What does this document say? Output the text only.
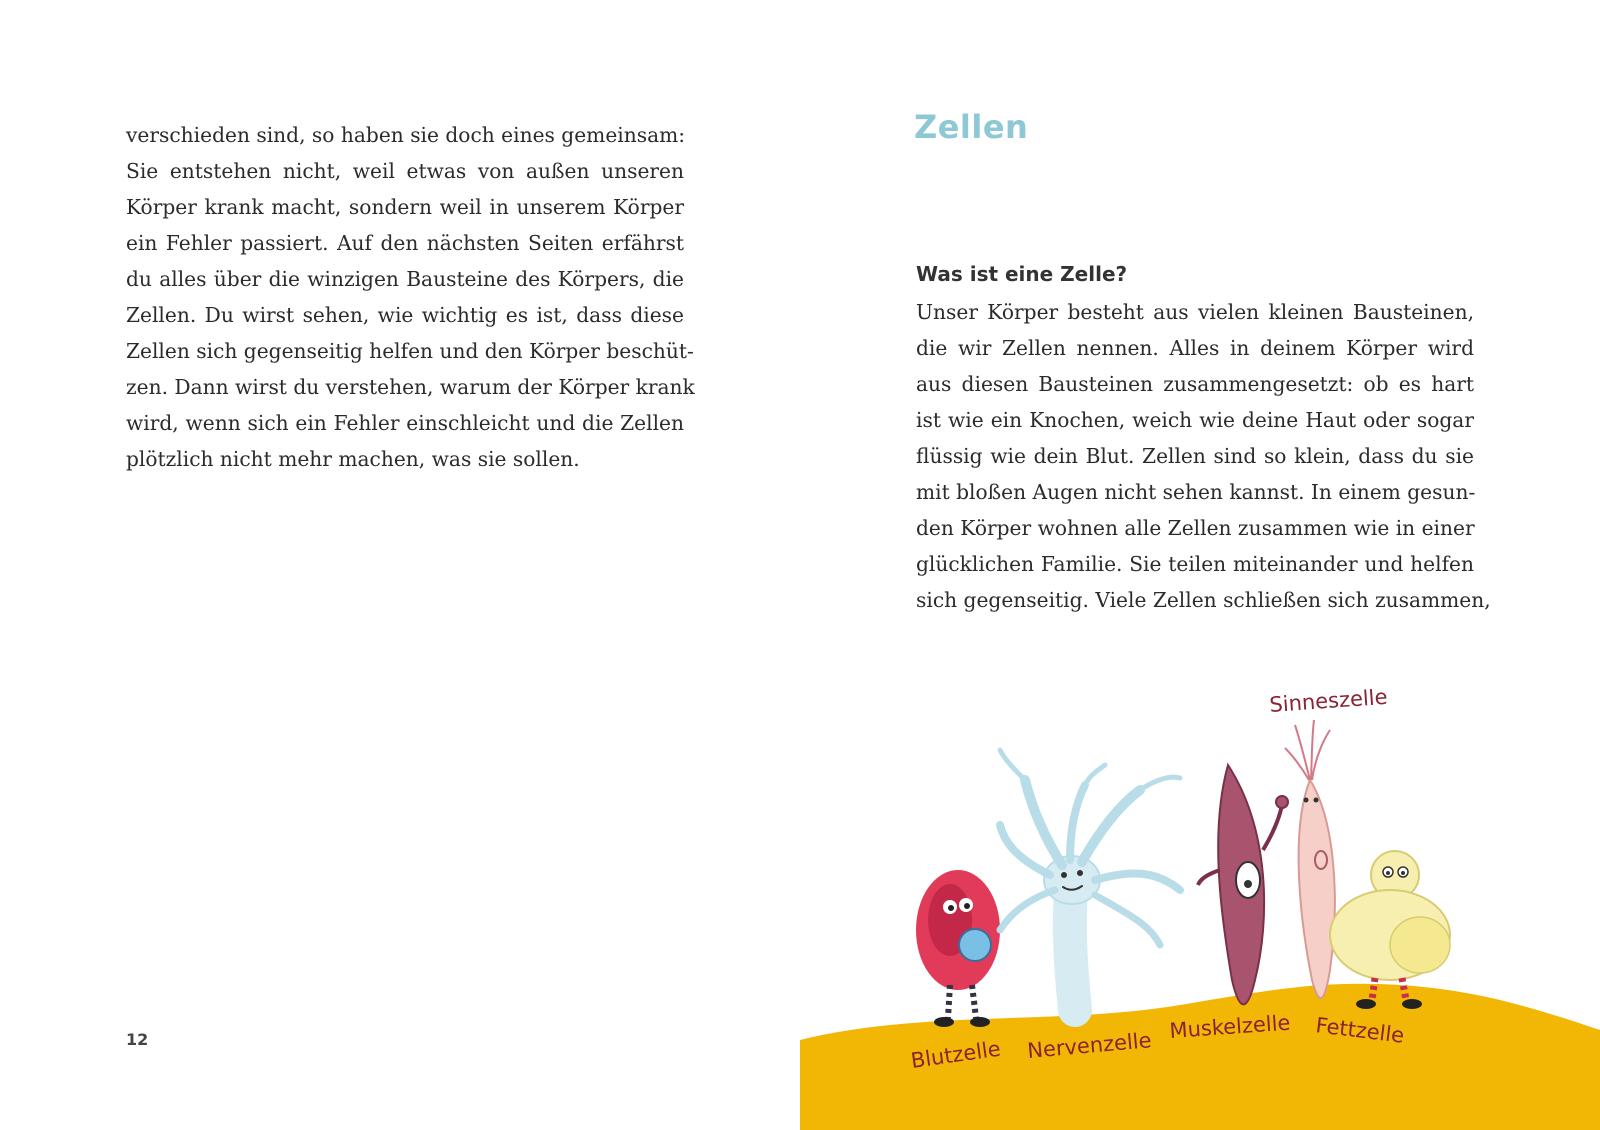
verschieden sind, so haben sie doch eines gemeinsam:
Sie entstehen nicht, weil etwas von außen unseren
Körper krank macht, sondern weil in unserem Körper
ein Fehler passiert. Auf den nächsten Seiten erfährst
du alles über die winzigen Bausteine des Körpers, die
Zellen. Du wirst sehen, wie wichtig es ist, dass diese
Zellen sich gegenseitig helfen und den Körper beschüt-
zen. Dann wirst du verstehen, warum der Körper krank
wird, wenn sich ein Fehler einschleicht und die Zellen
plötzlich nicht mehr machen, was sie sollen.
12
Zellen
Was ist eine Zelle?
Unser Körper besteht aus vielen kleinen Bausteinen,
die wir Zellen nennen. Alles in deinem Körper wird
aus diesen Bausteinen zusammengesetzt: ob es hart
ist wie ein Knochen, weich wie deine Haut oder sogar
flüssig wie dein Blut. Zellen sind so klein, dass du sie
mit bloßen Augen nicht sehen kannst. In einem gesun-
den Körper wohnen alle Zellen zusammen wie in einer
glücklichen Familie. Sie teilen miteinander und helfen
sich gegenseitig. Viele Zellen schließen sich zusammen,
Blutzelle Nervenzelle
Muskelzelle Fettzelle
Sinneszelle
